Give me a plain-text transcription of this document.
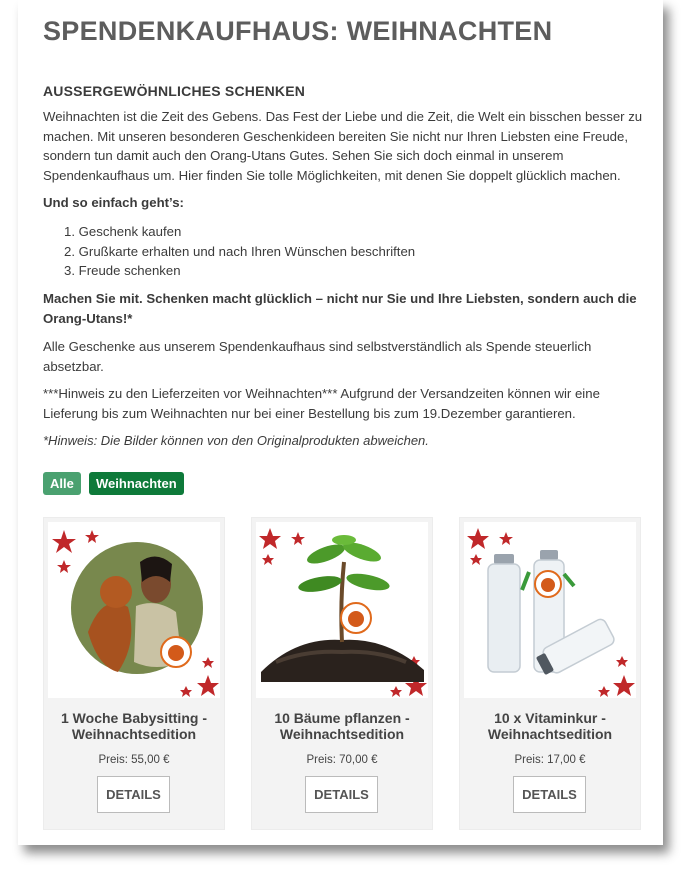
SPENDENKAUFHAUS: WEIHNACHTEN
AUSSERGEWÖHNLICHES SCHENKEN

Weihnachten ist die Zeit des Gebens. Das Fest der Liebe und die Zeit, die Welt ein bisschen besser zu machen. Mit unseren besonderen Geschenkideen bereiten Sie nicht nur Ihren Liebsten eine Freude, sondern tun damit auch den Orang-Utans Gutes. Sehen Sie sich doch einmal in unserem Spendenkaufhaus um. Hier finden Sie tolle Möglichkeiten, mit denen Sie doppelt glücklich machen.

Und so einfach geht’s:

1. Geschenk kaufen
2. Grußkarte erhalten und nach Ihren Wünschen beschriften
3. Freude schenken

Machen Sie mit. Schenken macht glücklich – nicht nur Sie und Ihre Liebsten, sondern auch die Orang-Utans!*

Alle Geschenke aus unserem Spendenkaufhaus sind selbstverständlich als Spende steuerlich absetzbar.

***Hinweis zu den Lieferzeiten vor Weihnachten*** Aufgrund der Versandzeiten können wir eine Lieferung bis zum Weihnachten nur bei einer Bestellung bis zum 19.Dezember garantieren.

*Hinweis: Die Bilder können von den Originalprodukten abweichen.

Alle	Weihnachten
1 Woche Babysitting - Weihnachtsedition
Preis: 55,00 €
DETAILS
10 Bäume pflanzen - Weihnachtsedition
Preis: 70,00 €
DETAILS
10 x Vitaminkur - Weihnachtsedition
Preis: 17,00 €
DETAILS
